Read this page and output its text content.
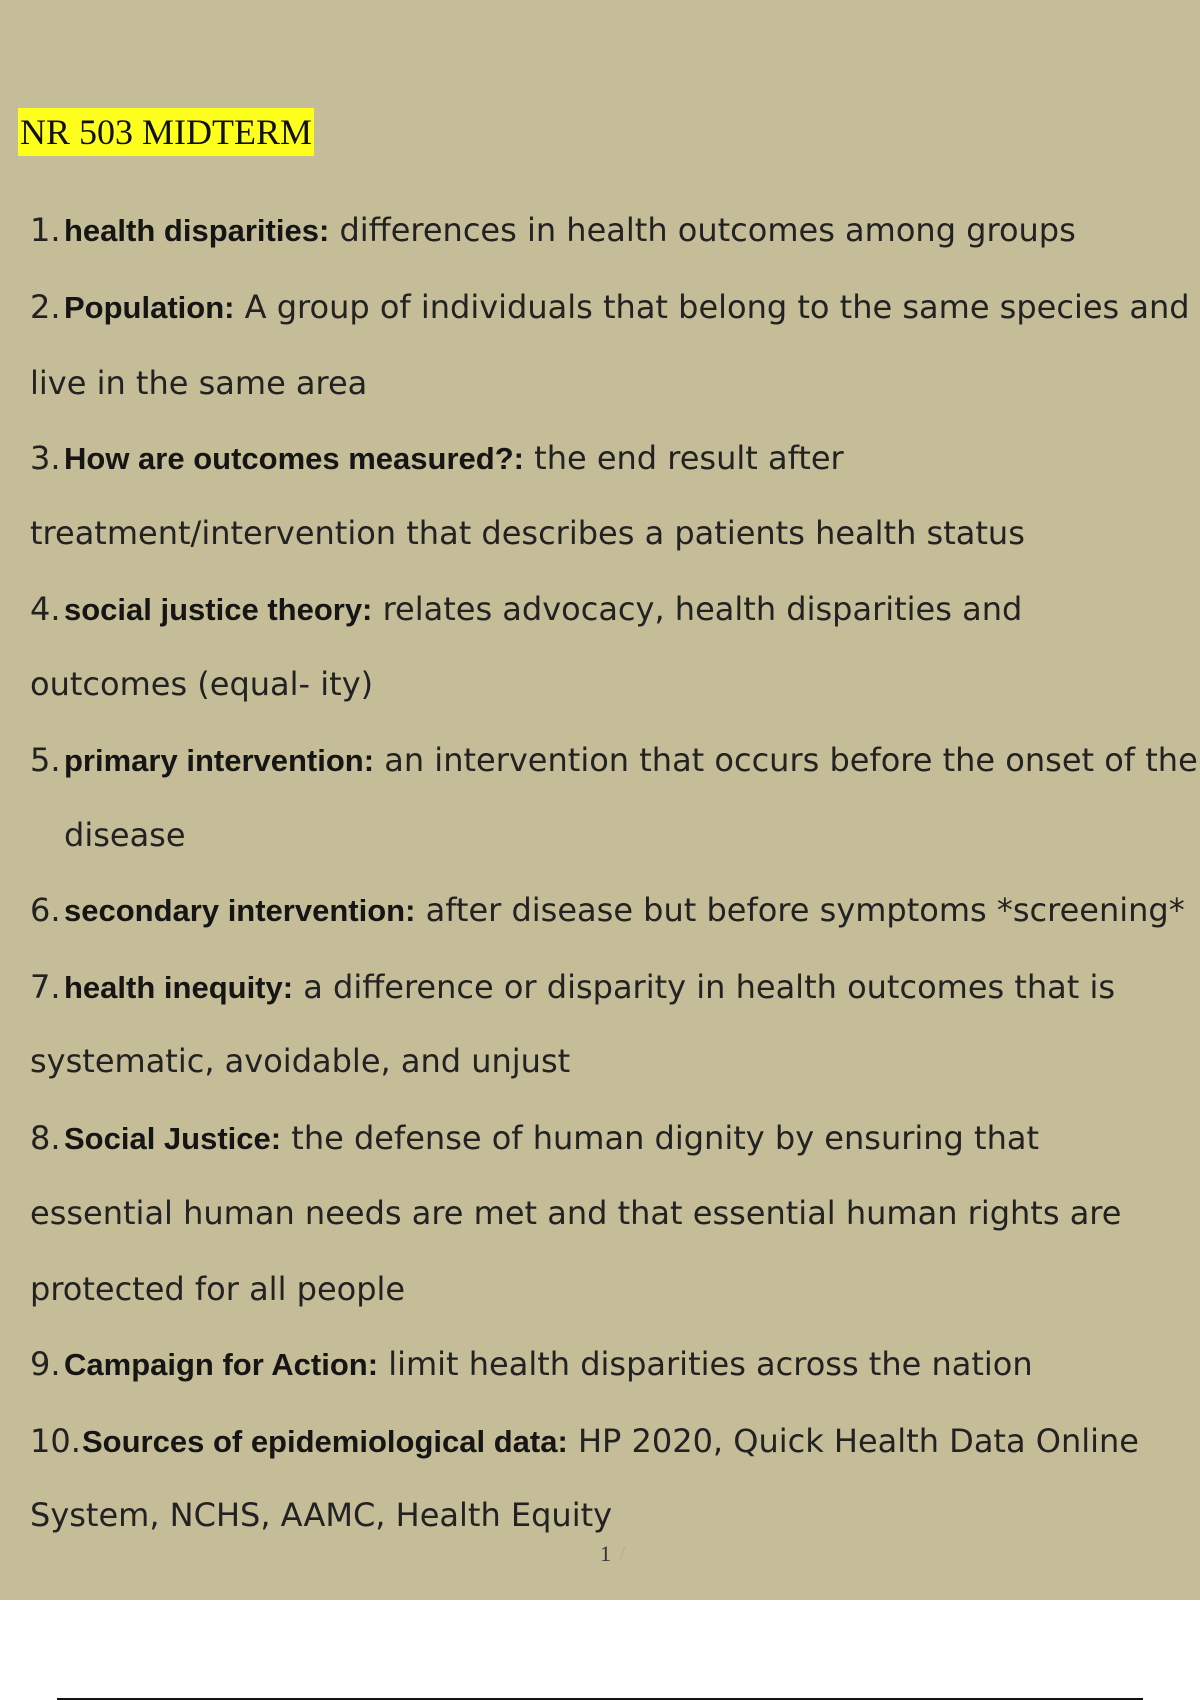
NR 503 MIDTERM
1. health disparities: differences in health outcomes among groups
2. Population: A group of individuals that belong to the same species and
live in the same area
3. How are outcomes measured?: the end result after
treatment/intervention that describes a patients health status
4. social justice theory: relates advocacy, health disparities and
outcomes (equal- ity)
5. primary intervention: an intervention that occurs before the onset of the
disease
6. secondary intervention: after disease but before symptoms *screening*
7. health inequity: a difference or disparity in health outcomes that is
systematic, avoidable, and unjust
8. Social Justice: the defense of human dignity by ensuring that
essential human needs are met and that essential human rights are
protected for all people
9. Campaign for Action: limit health disparities across the nation
10.Sources of epidemiological data: HP 2020, Quick Health Data Online
System, NCHS, AAMC, Health Equity
1 /
